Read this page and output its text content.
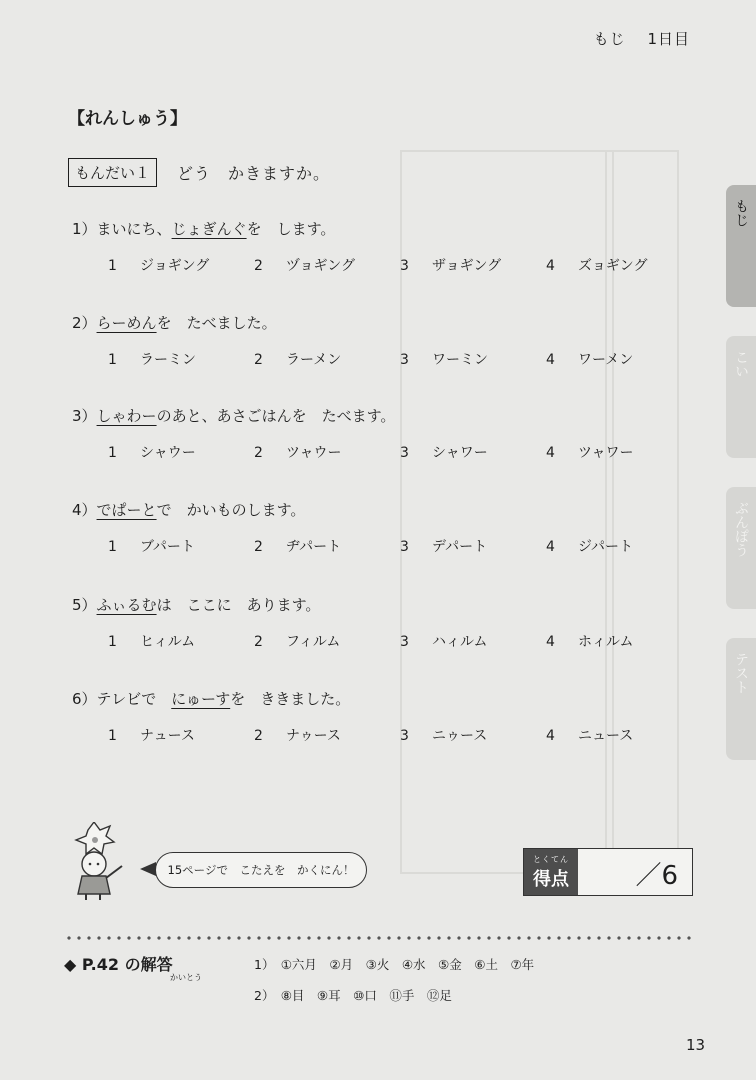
もじ　 1日目
【れんしゅう】
もんだい１	どう　かきますか。
1）まいにち、じょぎんぐを　します。
1 ジョギング	2 ヅョギング	3 ザョギング	4 ズョギング
2）らーめんを　たべました。
1 ラーミン	2 ラーメン	3 ワーミン	4 ワーメン
3）しゃわーのあと、あさごはんを　たべます。
1 シャウー	2 ツャウー	3 シャワー	4 ツャワー
4）でぱーとで　かいものします。
1 ブパート	2 ヂパート	3 デパート	4 ジパート
5）ふぃるむは　ここに　あります。
1 ヒィルム	2 フィルム	3 ハィルム	4 ホィルム
6）テレビで　にゅーすを　ききました。
1 ナュース	2 ナゥース	3 ニゥース	4 ニュース
もじ
こい
ぶんぽう
テスト
15ページで　こたえを　かくにん！
とくてん
得点	／6
◆ P.42 の解答
かいとう
1）　①六月　②月　③火　④水　⑤金　⑥土　⑦年
2）　⑧目　⑨耳　⑩口　⑪手　⑫足
13
